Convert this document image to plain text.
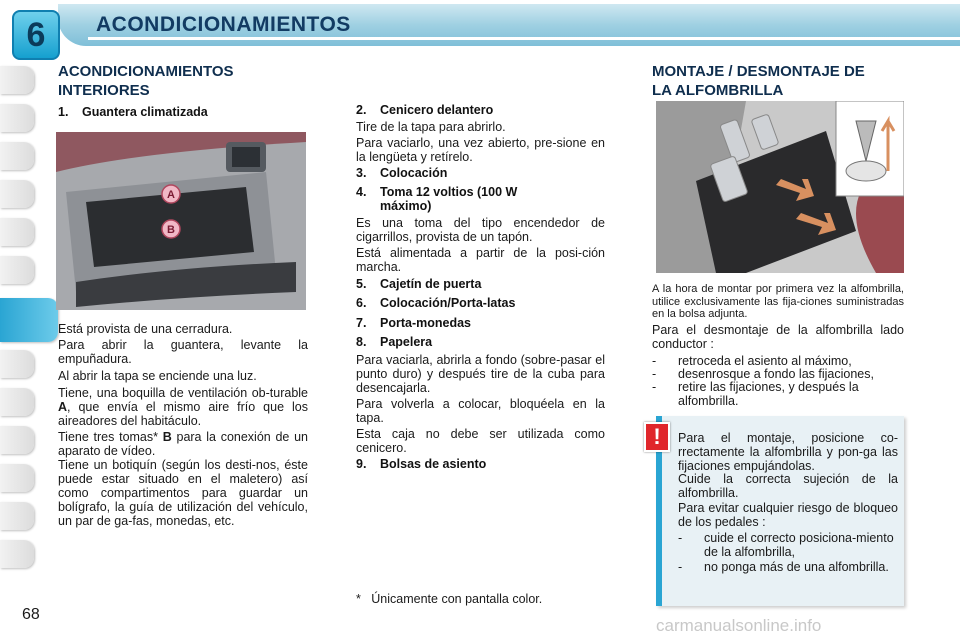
6 ACONDICIONAMIENTOS
ACONDICIONAMIENTOS
INTERIORES
1. Guantera climatizada
A
B
Está provista de una cerradura.
Para abrir la guantera, levante la empuñadura.
Al abrir la tapa se enciende una luz.
Tiene, una boquilla de ventilación ob-turable A, que envía el mismo aire frío que los aireadores del habitáculo.
Tiene tres tomas* B para la conexión de un aparato de vídeo.
Tiene un botiquín (según los desti-nos, éste puede estar situado en el maletero) así como compartimentos para guardar un bolígrafo, la guía de utilización del vehículo, un par de ga-fas, monedas, etc.
68
2. Cenicero delantero
Tire de la tapa para abrirlo.
Para vaciarlo, una vez abierto, pre-sione en la lengüeta y retírelo.
3. Colocación
4. Toma 12 voltios (100 W máximo)
Es una toma del tipo encendedor de cigarrillos, provista de un tapón.
Está alimentada a partir de la posi-ción marcha.
5. Cajetín de puerta
6. Colocación/Porta-latas
7. Porta-monedas
8. Papelera
Para vaciarla, abrirla a fondo (sobre-pasar el punto duro) y después tire de la cuba para desencajarla.
Para volverla a colocar, bloquéela en la tapa.
Esta caja no debe ser utilizada como cenicero.
9. Bolsas de asiento
*   Únicamente con pantalla color.
MONTAJE / DESMONTAJE DE
LA ALFOMBRILLA
A la hora de montar por primera vez la alfombrilla, utilice exclusivamente las fija-ciones suministradas en la bolsa adjunta.
Para el desmontaje de la alfombrilla lado conductor :
-	retroceda el asiento al máximo,
-	desenrosque a fondo las fijaciones,
-	retire las fijaciones, y después la alfombrilla.
!	Para el montaje, posicione co-rrectamente la alfombrilla y pon-ga las fijaciones empujándolas.
Cuide la correcta sujeción de la alfombrilla.
Para evitar cualquier riesgo de bloqueo de los pedales :
-	cuide el correcto posiciona-miento de la alfombrilla,
-	no ponga más de una alfombrilla.
carmanualsonline.info
